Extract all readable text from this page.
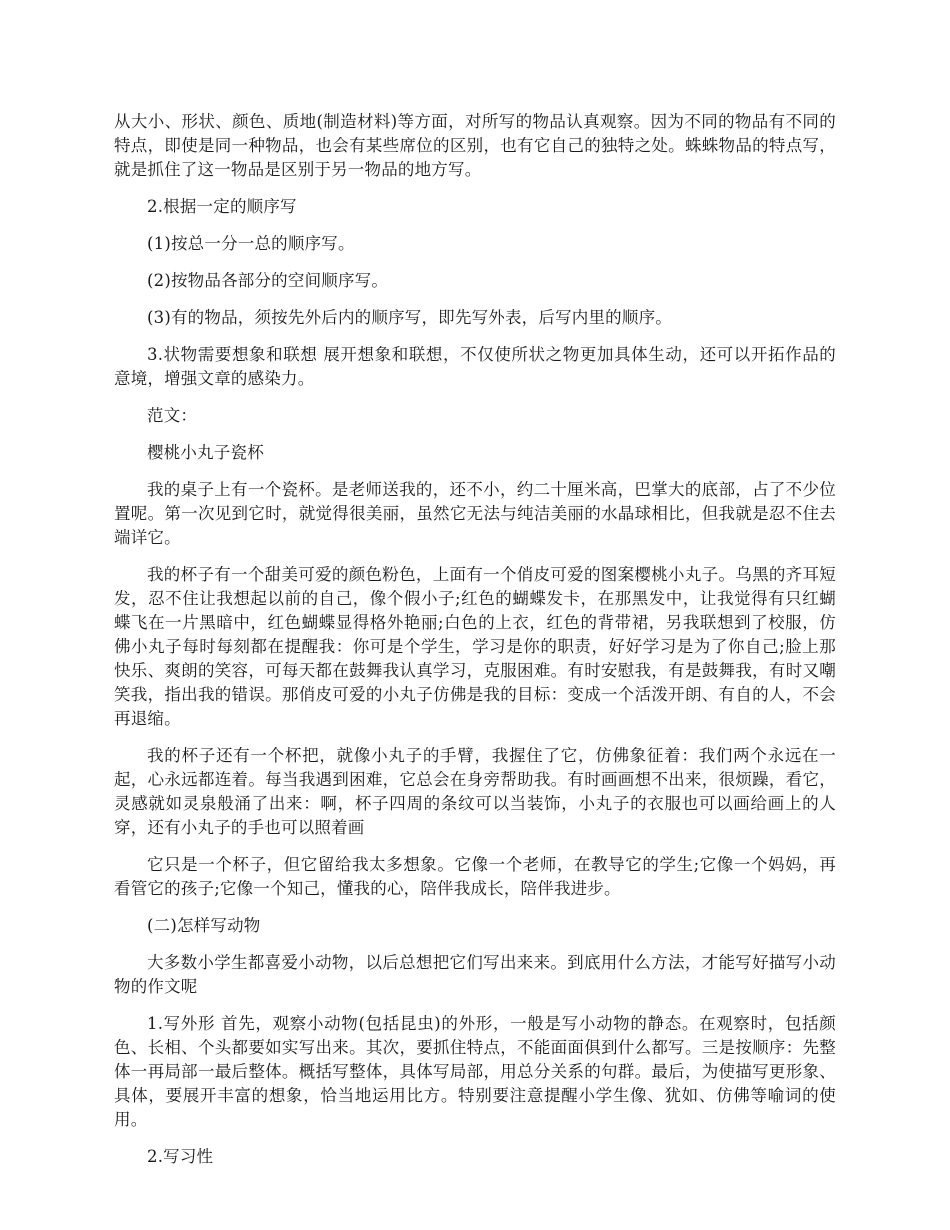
从大小、形状、颜色、质地(制造材料)等方面，对所写的物品认真观察。因为不同的物品有不同的特点，即使是同一种物品，也会有某些席位的区别，也有它自己的独特之处。蛛蛛物品的特点写，就是抓住了这一物品是区别于另一物品的地方写。

2.根据一定的顺序写

(1)按总一分一总的顺序写。

(2)按物品各部分的空间顺序写。

(3)有的物品，须按先外后内的顺序写，即先写外表，后写内里的顺序。

3.状物需要想象和联想 展开想象和联想，不仅使所状之物更加具体生动，还可以开拓作品的意境，增强文章的感染力。

范文：

樱桃小丸子瓷杯

我的桌子上有一个瓷杯。是老师送我的，还不小，约二十厘米高，巴掌大的底部，占了不少位置呢。第一次见到它时，就觉得很美丽，虽然它无法与纯洁美丽的水晶球相比，但我就是忍不住去端详它。

我的杯子有一个甜美可爱的颜色粉色，上面有一个俏皮可爱的图案樱桃小丸子。乌黑的齐耳短发，忍不住让我想起以前的自己，像个假小子;红色的蝴蝶发卡，在那黑发中，让我觉得有只红蝴蝶飞在一片黑暗中，红色蝴蝶显得格外艳丽;白色的上衣，红色的背带裙，另我联想到了校服，仿佛小丸子每时每刻都在提醒我：你可是个学生，学习是你的职责，好好学习是为了你自己;脸上那快乐、爽朗的笑容，可每天都在鼓舞我认真学习，克服困难。有时安慰我，有是鼓舞我，有时又嘲笑我，指出我的错误。那俏皮可爱的小丸子仿佛是我的目标：变成一个活泼开朗、有自的人，不会再退缩。

我的杯子还有一个杯把，就像小丸子的手臂，我握住了它，仿佛象征着：我们两个永远在一起，心永远都连着。每当我遇到困难，它总会在身旁帮助我。有时画画想不出来，很烦躁，看它，灵感就如灵泉般涌了出来：啊，杯子四周的条纹可以当装饰，小丸子的衣服也可以画给画上的人穿，还有小丸子的手也可以照着画

它只是一个杯子，但它留给我太多想象。它像一个老师，在教导它的学生;它像一个妈妈，再看管它的孩子;它像一个知己，懂我的心，陪伴我成长，陪伴我进步。

(二)怎样写动物

大多数小学生都喜爱小动物，以后总想把它们写出来来。到底用什么方法，才能写好描写小动物的作文呢

1.写外形 首先，观察小动物(包括昆虫)的外形，一般是写小动物的静态。在观察时，包括颜色、长相、个头都要如实写出来。其次，要抓住特点，不能面面俱到什么都写。三是按顺序：先整体一再局部一最后整体。概括写整体，具体写局部，用总分关系的句群。最后，为使描写更形象、具体，要展开丰富的想象，恰当地运用比方。特别要注意提醒小学生像、犹如、仿佛等喻词的使用。

2.写习性
